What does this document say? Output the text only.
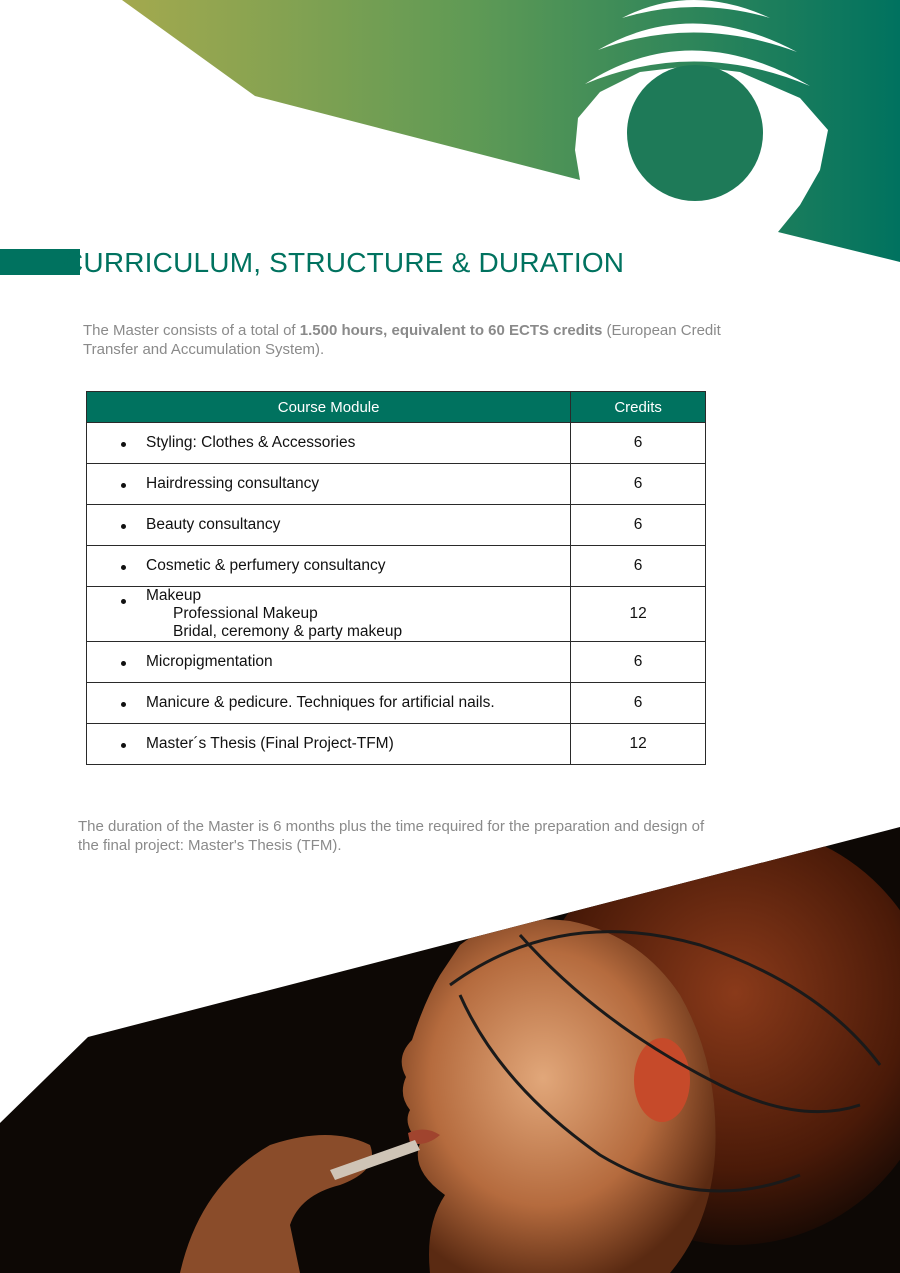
CURRICULUM, STRUCTURE & DURATION

The Master consists of a total of 1.500 hours, equivalent to 60 ECTS credits (European Credit Transfer and Accumulation System).

Course Module	Credits

Styling: Clothes & Accessories	6

Hairdressing consultancy	6

Beauty consultancy	6

Cosmetic & perfumery consultancy	6

Makeup
Professional Makeup
Bridal, ceremony & party makeup	12

Micropigmentation	6

Manicure & pedicure. Techniques for artificial nails.	6

Master´s Thesis (Final Project-TFM)	12

The duration of the Master is 6 months plus the time required for the preparation and design of the final project: Master's Thesis (TFM).
